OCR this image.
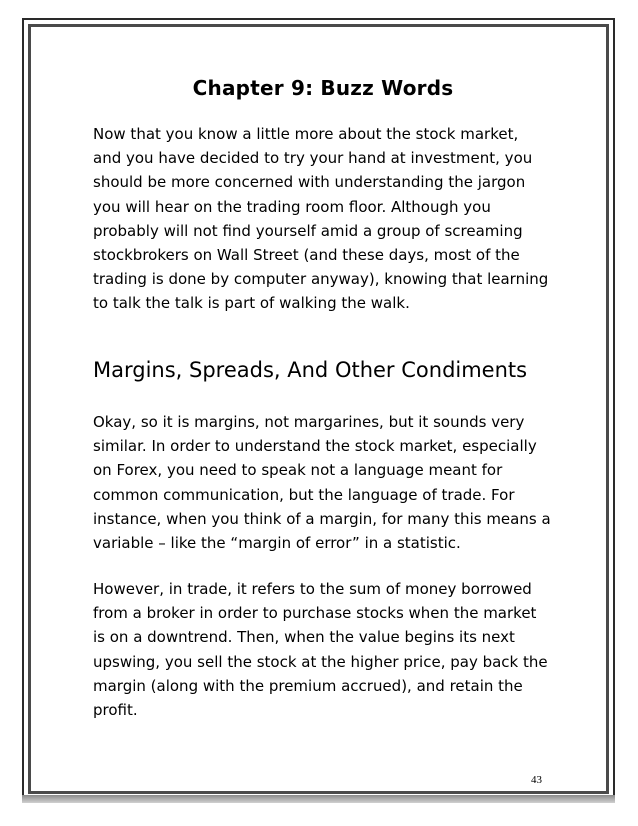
Chapter 9: Buzz Words
Now that you know a little more about the stock market,
and you have decided to try your hand at investment, you
should be more concerned with understanding the jargon
you will hear on the trading room floor. Although you
probably will not find yourself amid a group of screaming
stockbrokers on Wall Street (and these days, most of the
trading is done by computer anyway), knowing that learning
to talk the talk is part of walking the walk.
Margins, Spreads, And Other Condiments
Okay, so it is margins, not margarines, but it sounds very
similar. In order to understand the stock market, especially
on Forex, you need to speak not a language meant for
common communication, but the language of trade. For
instance, when you think of a margin, for many this means a
variable – like the “margin of error” in a statistic.
However, in trade, it refers to the sum of money borrowed
from a broker in order to purchase stocks when the market
is on a downtrend. Then, when the value begins its next
upswing, you sell the stock at the higher price, pay back the
margin (along with the premium accrued), and retain the
profit.
43
